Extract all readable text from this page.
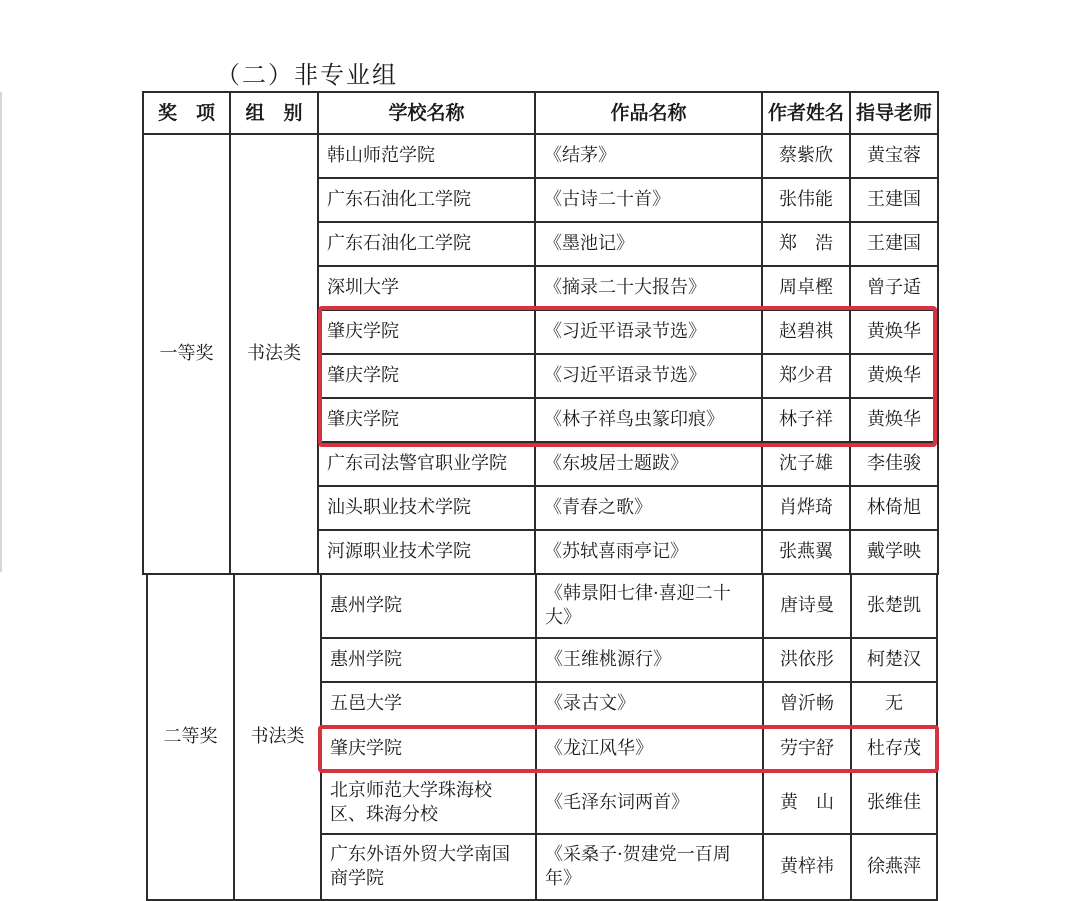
（二）非专业组
奖　项	组　别	学校名称	作品名称	作者姓名	指导老师
一等奖	书法类	韩山师范学院	《结茅》	蔡紫欣	黄宝蓉
		广东石油化工学院	《古诗二十首》	张伟能	王建国
		广东石油化工学院	《墨池记》	郑　浩	王建国
		深圳大学	《摘录二十大报告》	周卓樫	曾子适
		肇庆学院	《习近平语录节选》	赵碧祺	黄焕华
		肇庆学院	《习近平语录节选》	郑少君	黄焕华
		肇庆学院	《林子祥鸟虫篆印痕》	林子祥	黄焕华
		广东司法警官职业学院	《东坡居士题跋》	沈子雄	李佳骏
		汕头职业技术学院	《青春之歌》	肖烨琦	林倚旭
		河源职业技术学院	《苏轼喜雨亭记》	张燕翼	戴学映
二等奖	书法类	惠州学院	《韩景阳七律·喜迎二十大》	唐诗曼	张楚凯
		惠州学院	《王维桃源行》	洪依彤	柯楚汉
		五邑大学	《录古文》	曾沂畅	无
		肇庆学院	《龙江风华》	劳宇舒	杜存茂
		北京师范大学珠海校区、珠海分校	《毛泽东词两首》	黄　山	张维佳
		广东外语外贸大学南国商学院	《采桑子·贺建党一百周年》	黄梓祎	徐燕萍
